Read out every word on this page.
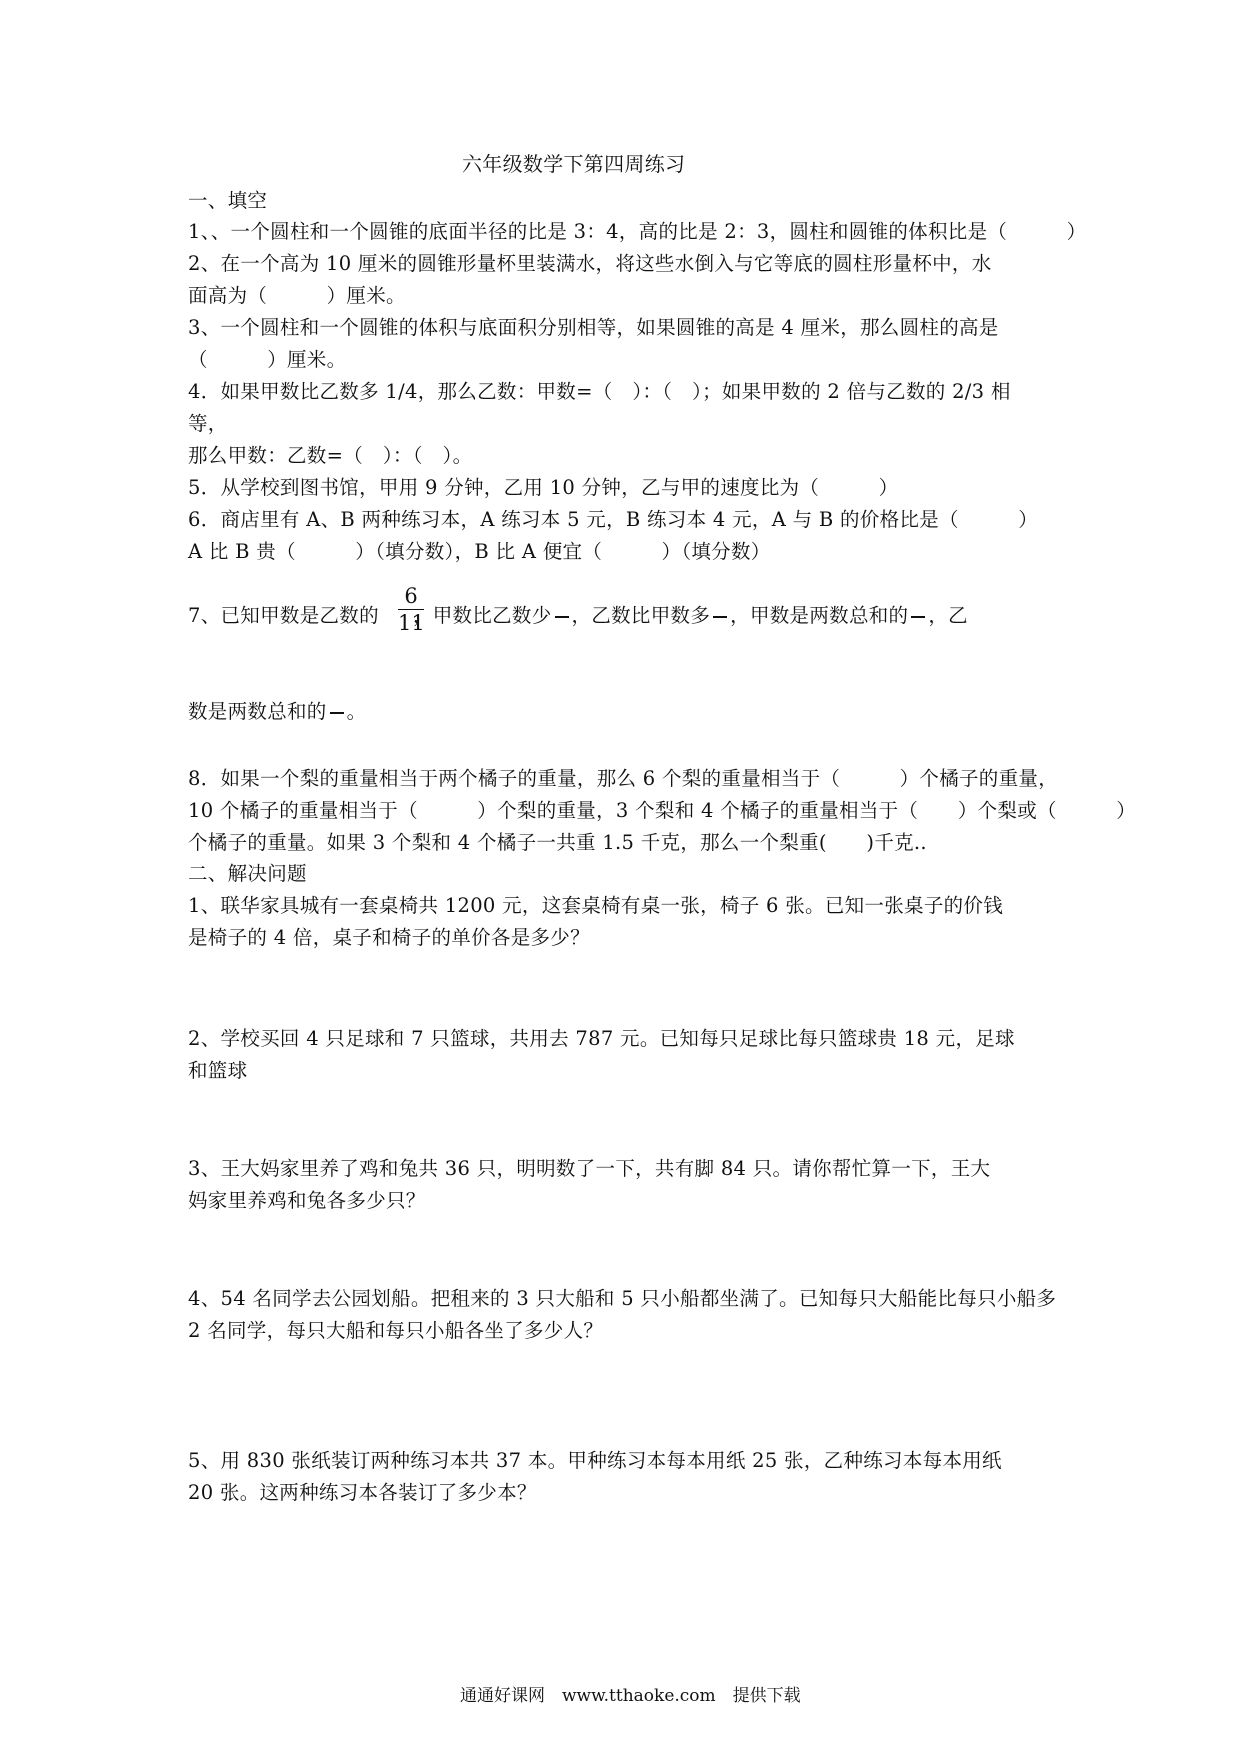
六年级数学下第四周练习
一、填空
1、、一个圆柱和一个圆锥的底面半径的比是 3：4，高的比是 2：3，圆柱和圆锥的体积比是（　　　）
2、在一个高为 10 厘米的圆锥形量杯里装满水，将这些水倒入与它等底的圆柱形量杯中，水
面高为（　　　）厘米。
3、一个圆柱和一个圆锥的体积与底面积分别相等，如果圆锥的高是 4 厘米，那么圆柱的高是
（　　　）厘米。
4．如果甲数比乙数多 1/4，那么乙数：甲数=（　）：（　）；如果甲数的 2 倍与乙数的 2/3 相
等，
那么甲数：乙数=（　）：（　）。
5．从学校到图书馆，甲用 9 分钟，乙用 10 分钟，乙与甲的速度比为（　　　）
6．商店里有 A、B 两种练习本，A 练习本 5 元，B 练习本 4 元，A 与 B 的价格比是（　　　）
A 比 B 贵（　　　）（填分数），B 比 A 便宜（　　　）（填分数）
7、已知甲数是乙数的 ，甲数比乙数少 ，乙数比甲数多 ，甲数是两数总和的 ，乙
6
11
数是两数总和的 。
8．如果一个梨的重量相当于两个橘子的重量，那么 6 个梨的重量相当于（　　　）个橘子的重量，
10 个橘子的重量相当于（　　　）个梨的重量，3 个梨和 4 个橘子的重量相当于（　　）个梨或（　　　）
个橘子的重量。如果 3 个梨和 4 个橘子一共重 1.5 千克，那么一个梨重(　　)千克..
二、解决问题
1、联华家具城有一套桌椅共 1200 元，这套桌椅有桌一张，椅子 6 张。已知一张桌子的价钱
是椅子的 4 倍，桌子和椅子的单价各是多少？
2、学校买回 4 只足球和 7 只篮球，共用去 787 元。已知每只足球比每只篮球贵 18 元，足球
和篮球
3、王大妈家里养了鸡和兔共 36 只，明明数了一下，共有脚 84 只。请你帮忙算一下，王大
妈家里养鸡和兔各多少只？
4、54 名同学去公园划船。把租来的 3 只大船和 5 只小船都坐满了。已知每只大船能比每只小船多
2 名同学，每只大船和每只小船各坐了多少人？
5、用 830 张纸装订两种练习本共 37 本。甲种练习本每本用纸 25 张，乙种练习本每本用纸
20 张。这两种练习本各装订了多少本？
通通好课网　www.tthaoke.com　提供下载
